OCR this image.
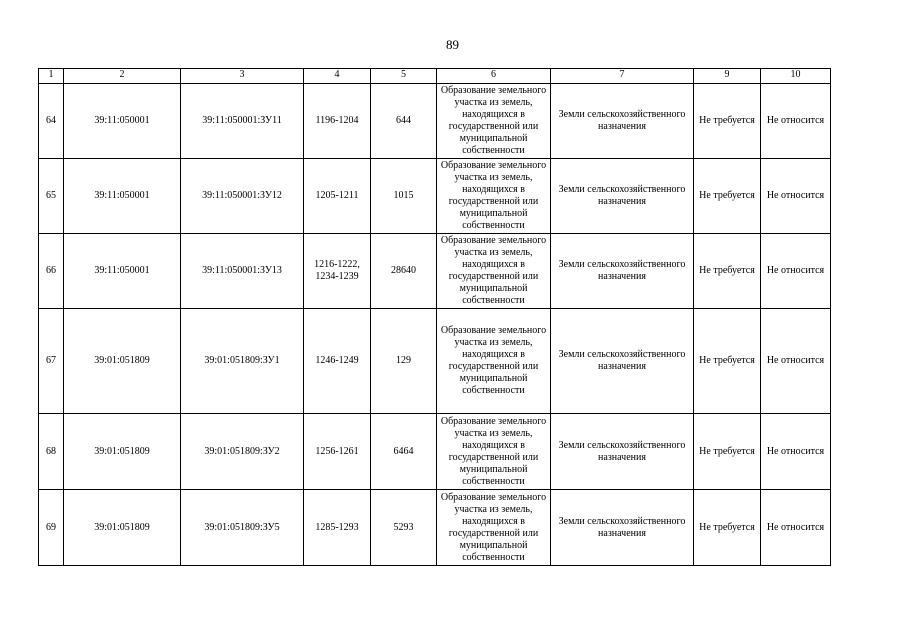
89
1	2	3	4	5	6	7	9	10
64	39:11:050001	39:11:050001:ЗУ11	1196-1204	644	Образование земельного участка из земель, находящихся в государственной или муниципальной собственности	Земли сельскохозяйственного назначения	Не требуется	Не относится
65	39:11:050001	39:11:050001:ЗУ12	1205-1211	1015	Образование земельного участка из земель, находящихся в государственной или муниципальной собственности	Земли сельскохозяйственного назначения	Не требуется	Не относится
66	39:11:050001	39:11:050001:ЗУ13	1216-1222, 1234-1239	28640	Образование земельного участка из земель, находящихся в государственной или муниципальной собственности	Земли сельскохозяйственного назначения	Не требуется	Не относится
67	39:01:051809	39:01:051809:ЗУ1	1246-1249	129	Образование земельного участка из земель, находящихся в государственной или муниципальной собственности	Земли сельскохозяйственного назначения	Не требуется	Не относится
68	39:01:051809	39:01:051809:ЗУ2	1256-1261	6464	Образование земельного участка из земель, находящихся в государственной или муниципальной собственности	Земли сельскохозяйственного назначения	Не требуется	Не относится
69	39:01:051809	39:01:051809:ЗУ5	1285-1293	5293	Образование земельного участка из земель, находящихся в государственной или муниципальной собственности	Земли сельскохозяйственного назначения	Не требуется	Не относится
